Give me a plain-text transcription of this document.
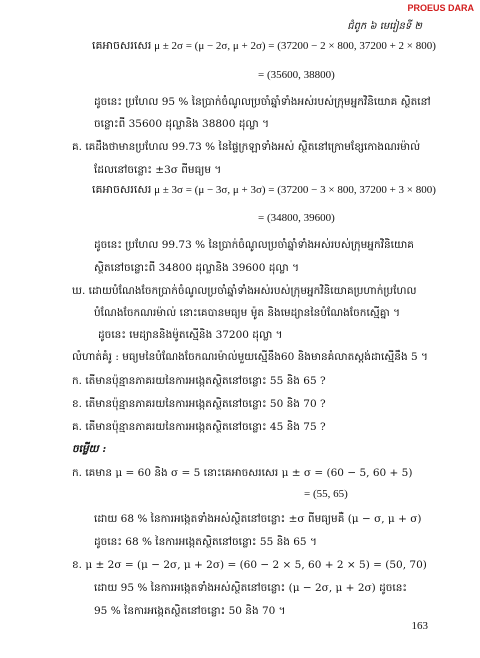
PROEUS DARA
ជំពូក ៦ មេរៀនទី ២
គេអាចសរសេរ μ ± 2σ = (μ − 2σ, μ + 2σ) = (37200 − 2 × 800, 37200 + 2 × 800)
= (35600, 38800)
ដូចនេះ ប្រហែល 95 % នៃប្រាក់ចំណូលប្រចាំឆ្នាំទាំងអស់របស់ក្រុមអ្នកវិនិយោគ ស្ថិតនៅ
ចន្លោះពី 35600 ដុល្លានិង 38800 ដុល្លា ។
គ. គេដឹងថាមានប្រហែល 99.73 % នៃផ្ទៃក្រឡាទាំងអស់ ស្ថិតនៅក្រោមខ្សែកោងណរម៉ាល់
ដែលនៅចន្លោះ ±3σ ពីមធ្យម ។
គេអាចសរសេរ μ ± 3σ = (μ − 3σ, μ + 3σ) = (37200 − 3 × 800, 37200 + 3 × 800)
= (34800, 39600)
ដូចនេះ ប្រហែល 99.73 % នៃប្រាក់ចំណូលប្រចាំឆ្នាំទាំងអស់របស់ក្រុមអ្នកវិនិយោគ
ស្ថិតនៅចន្លោះពី 34800 ដុល្លានិង 39600 ដុល្លា ។
ឃ. ដោយបំណែងចែកប្រាក់ចំណូលប្រចាំឆ្នាំទាំងអស់របស់ក្រុមអ្នកវិនិយោគប្រហាក់ប្រហែល
បំណែងចែកណរម៉ាល់ នោះគេបានមធ្យម ម៉ូត និងមេដ្យាននៃបំណែងចែកស្មើគ្នា ។
ដូចនេះ មេដ្យាននិងម៉ូតស្មើនិង 37200 ដុល្លា ។
លំហាត់គំរូ : មធ្យមនៃបំណែងចែកណរម៉ាល់មួយស្មើនឹង60 និងមានគំលាតស្តង់ដាស្មើនឹង 5 ។
ក. តើមានប៉ុន្មានភាគរយនៃការអង្កេតស្ថិតនៅចន្លោះ 55 និង 65 ?
ខ. តើមានប៉ុន្មានភាគរយនៃការអង្កេតស្ថិតនៅចន្លោះ 50 និង 70 ?
គ. តើមានប៉ុន្មានភាគរយនៃការអង្កេតស្ថិតនៅចន្លោះ 45 និង 75 ?
ចម្លើយ :
ក. គេមាន μ = 60 និង σ = 5 នោះគេអាចសរសេរ μ ± σ = (60 − 5, 60 + 5)
= (55, 65)
ដោយ 68 % នៃការអង្កេតទាំងអស់ស្ថិតនៅចន្លោះ ±σ ពីមធ្យមគឺ (μ − σ, μ + σ)
ដូចនេះ 68 % នៃការអង្កេតស្ថិតនៅចន្លោះ 55 និង 65 ។
ខ. μ ± 2σ = (μ − 2σ, μ + 2σ) = (60 − 2 × 5, 60 + 2 × 5) = (50, 70)
ដោយ 95 % នៃការអង្កេតទាំងអស់ស្ថិតនៅចន្លោះ (μ − 2σ, μ + 2σ) ដូចនេះ
95 % នៃការអង្កេតស្ថិតនៅចន្លោះ 50 និង 70 ។
163
